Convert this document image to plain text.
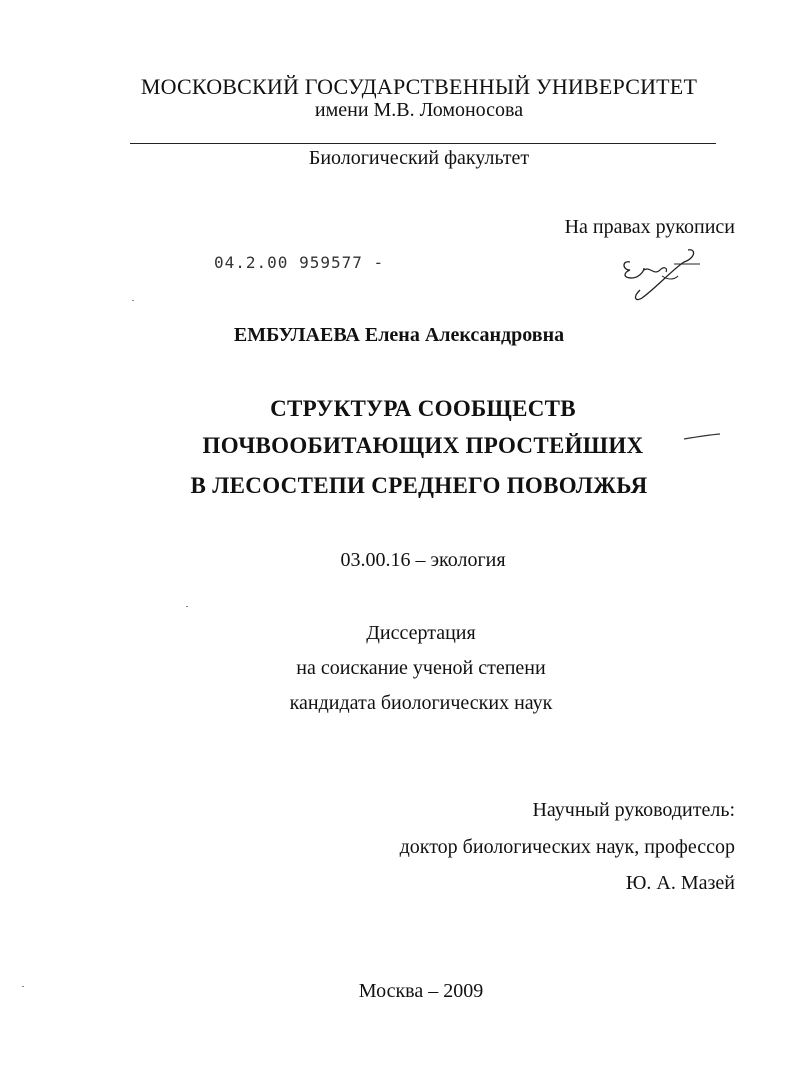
МОСКОВСКИЙ ГОСУДАРСТВЕННЫЙ УНИВЕРСИТЕТ
имени М.В. Ломоносова
Биологический факультет
На правах рукописи
04.2.00 959577 -
ЕМБУЛАЕВА Елена Александровна
СТРУКТУРА СООБЩЕСТВ
ПОЧВООБИТАЮЩИХ ПРОСТЕЙШИХ
В ЛЕСОСТЕПИ СРЕДНЕГО ПОВОЛЖЬЯ
03.00.16 – экология
Диссертация
на соискание ученой степени
кандидата биологических наук
Научный руководитель:
доктор биологических наук, профессор
Ю. А. Мазей
Москва – 2009
